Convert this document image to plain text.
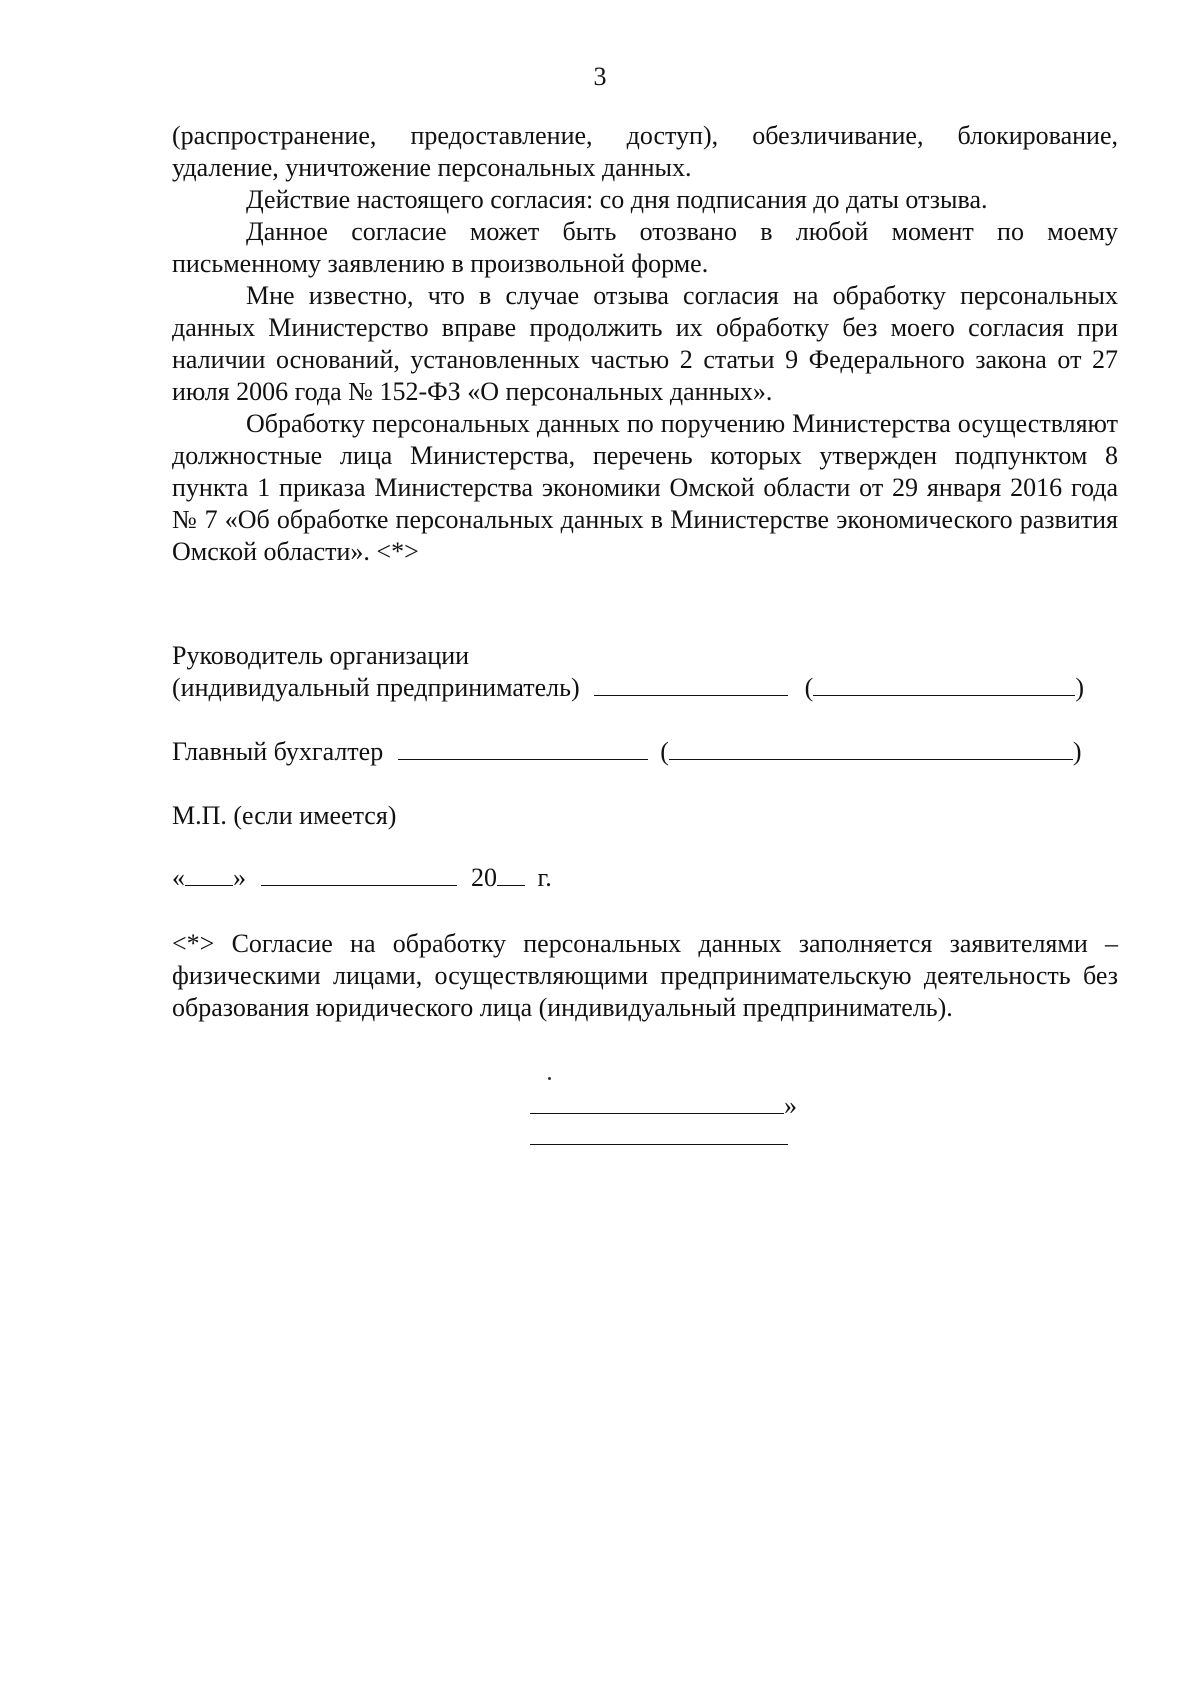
3

(распространение, предоставление, доступ), обезличивание, блокирование, удаление, уничтожение персональных данных.

Действие настоящего согласия: со дня подписания до даты отзыва.

Данное согласие может быть отозвано в любой момент по моему письменному заявлению в произвольной форме.

Мне известно, что в случае отзыва согласия на обработку персональных данных Министерство вправе продолжить их обработку без моего согласия при наличии оснований, установленных частью 2 статьи 9 Федерального закона от 27 июля 2006 года № 152-ФЗ «О персональных данных».

Обработку персональных данных по поручению Министерства осуществляют должностные лица Министерства, перечень которых утвержден подпунктом 8 пункта 1 приказа Министерства экономики Омской области от 29 января 2016 года № 7 «Об обработке персональных данных в Министерстве экономического развития Омской области». <*>

Руководитель организации
(индивидуальный предприниматель)	(	)
Главный бухгалтер	(	)
М.П. (если имеется)
« »	20 г.
<*> Согласие на обработку персональных данных заполняется заявителями – физическими лицами, осуществляющими предпринимательскую деятельность без образования юридического лица (индивидуальный предприниматель).
»
